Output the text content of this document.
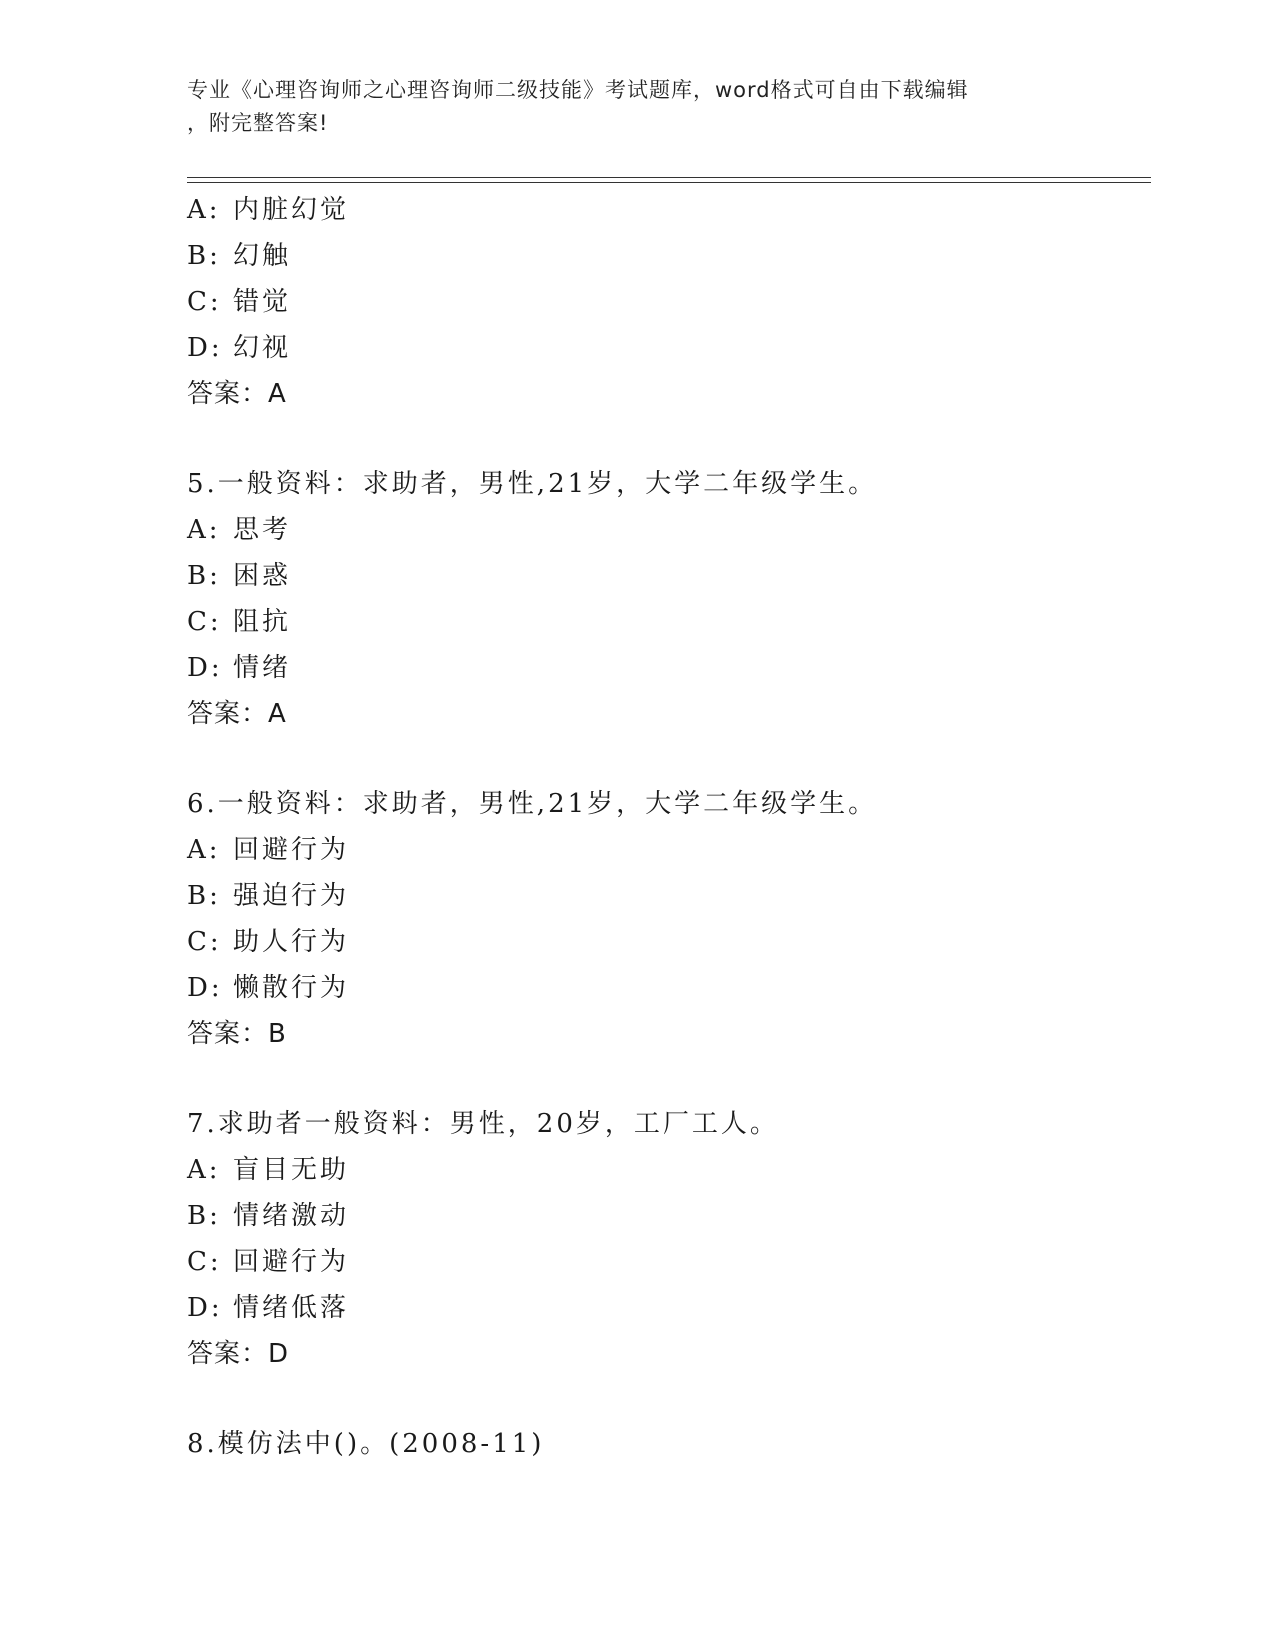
专业《心理咨询师之心理咨询师二级技能》考试题库，word格式可自由下载编辑
，附完整答案!
A: 内脏幻觉
B: 幻触
C: 错觉
D: 幻视
答案：A
5.一般资料：求助者，男性,21岁，大学二年级学生。
A: 思考
B: 困惑
C: 阻抗
D: 情绪
答案：A
6.一般资料：求助者，男性,21岁，大学二年级学生。
A: 回避行为
B: 强迫行为
C: 助人行为
D: 懒散行为
答案：B
7.求助者一般资料：男性，20岁，工厂工人。
A: 盲目无助
B: 情绪激动
C: 回避行为
D: 情绪低落
答案：D
8.模仿法中()。(2008-11)
